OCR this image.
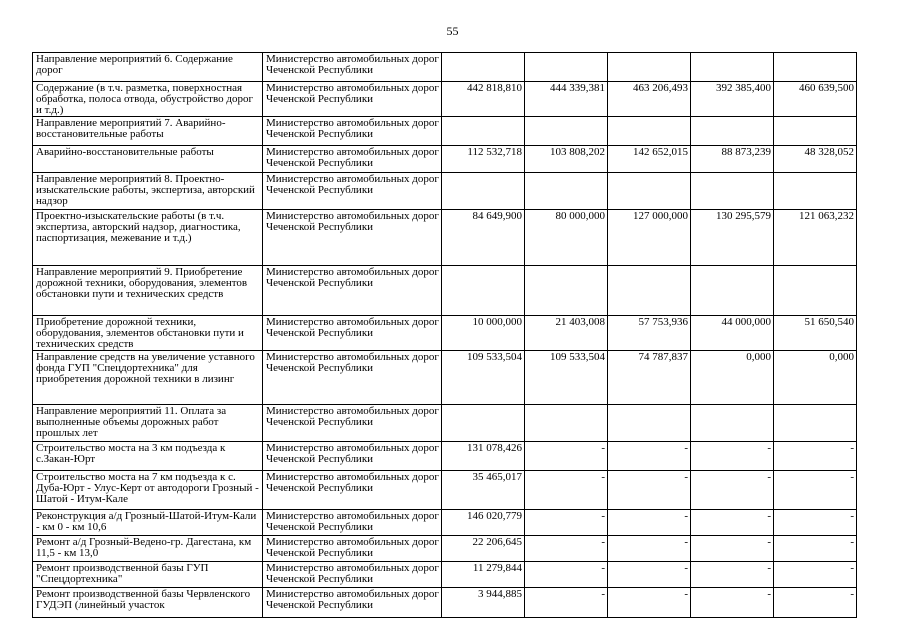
55
Направление мероприятий 6. Содержание дорог	Министерство автомобильных дорог Чеченской Республики					
Содержание (в т.ч. разметка, поверхностная обработка, полоса отвода, обустройство дорог и т.д.)	Министерство автомобильных дорог Чеченской Республики	442 818,810	444 339,381	463 206,493	392 385,400	460 639,500
Направление мероприятий 7. Аварийно-восстановительные работы	Министерство автомобильных дорог Чеченской Республики					
Аварийно-восстановительные работы	Министерство автомобильных дорог Чеченской Республики	112 532,718	103 808,202	142 652,015	88 873,239	48 328,052
Направление мероприятий 8. Проектно-изыскательские работы, экспертиза, авторский надзор	Министерство автомобильных дорог Чеченской Республики					
Проектно-изыскательские работы (в т.ч. экспертиза, авторский надзор, диагностика, паспортизация, межевание и т.д.)	Министерство автомобильных дорог Чеченской Республики	84 649,900	80 000,000	127 000,000	130 295,579	121 063,232
Направление мероприятий 9. Приобретение дорожной техники, оборудования, элементов обстановки пути и технических средств	Министерство автомобильных дорог Чеченской Республики					
Приобретение дорожной техники, оборудования, элементов обстановки пути и технических средств	Министерство автомобильных дорог Чеченской Республики	10 000,000	21 403,008	57 753,936	44 000,000	51 650,540
Направление средств на увеличение уставного фонда ГУП "Спецдортехника" для приобретения дорожной техники в лизинг	Министерство автомобильных дорог Чеченской Республики	109 533,504	109 533,504	74 787,837	0,000	0,000
Направление мероприятий 11. Оплата за выполненные объемы дорожных работ прошлых лет	Министерство автомобильных дорог Чеченской Республики					
Строительство моста на 3 км подъезда к с.Закан-Юрт	Министерство автомобильных дорог Чеченской Республики	131 078,426	-	-	-	-
Строительство моста на 7 км подъезда к с. Дуба-Юрт - Улус-Керт от автодороги Грозный - Шатой - Итум-Кале	Министерство автомобильных дорог Чеченской Республики	35 465,017	-	-	-	-
Реконструкция а/д Грозный-Шатой-Итум-Кали - км 0 - км 10,6	Министерство автомобильных дорог Чеченской Республики	146 020,779	-	-	-	-
Ремонт а/д Грозный-Ведено-гр. Дагестана, км 11,5 - км 13,0	Министерство автомобильных дорог Чеченской Республики	22 206,645	-	-	-	-
Ремонт производственной базы ГУП "Спецдортехника"	Министерство автомобильных дорог Чеченской Республики	11 279,844	-	-	-	-
Ремонт производственной базы Червленского ГУДЭП (линейный участок	Министерство автомобильных дорог Чеченской Республики	3 944,885	-	-	-	-
